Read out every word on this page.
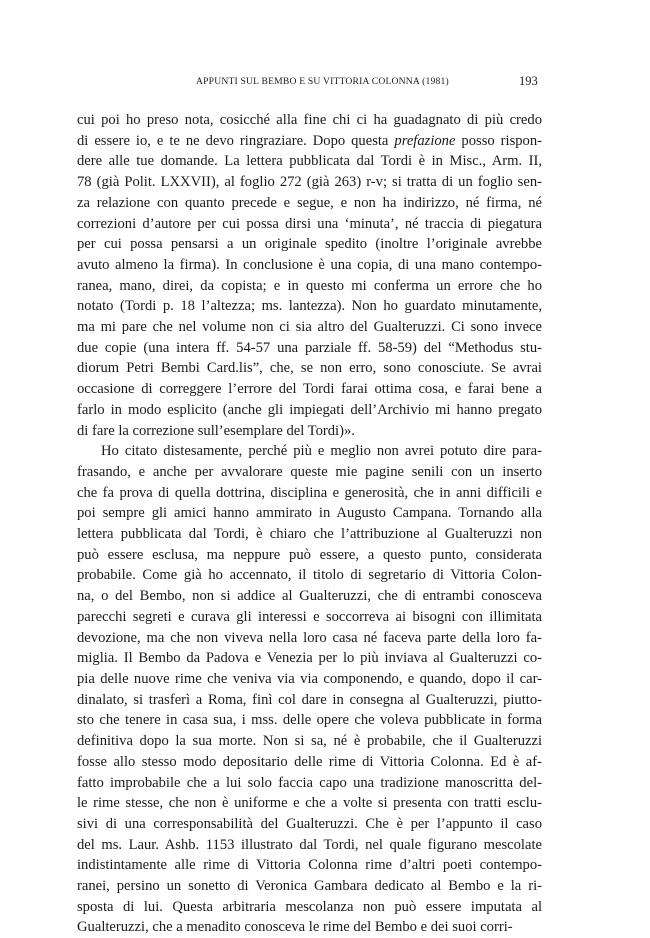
APPUNTI SUL BEMBO E SU VITTORIA COLONNA (1981)	193
cui poi ho preso nota, cosicché alla fine chi ci ha guadagnato di più credo
di essere io, e te ne devo ringraziare. Dopo questa prefazione posso rispon-
dere alle tue domande. La lettera pubblicata dal Tordi è in Misc., Arm. II,
78 (già Polit. LXXVII), al foglio 272 (già 263) r-v; si tratta di un foglio sen-
za relazione con quanto precede e segue, e non ha indirizzo, né firma, né
correzioni d’autore per cui possa dirsi una ‘minuta’, né traccia di piegatura
per cui possa pensarsi a un originale spedito (inoltre l’originale avrebbe
avuto almeno la firma). In conclusione è una copia, di una mano contempo-
ranea, mano, direi, da copista; e in questo mi conferma un errore che ho
notato (Tordi p. 18 l’altezza; ms. lantezza). Non ho guardato minutamente,
ma mi pare che nel volume non ci sia altro del Gualteruzzi. Ci sono invece
due copie (una intera ff. 54-57 una parziale ff. 58-59) del “Methodus stu-
diorum Petri Bembi Card.lis”, che, se non erro, sono conosciute. Se avrai
occasione di correggere l’errore del Tordi farai ottima cosa, e farai bene a
farlo in modo esplicito (anche gli impiegati dell’Archivio mi hanno pregato
di fare la correzione sull’esemplare del Tordi)».
Ho citato distesamente, perché più e meglio non avrei potuto dire para-
frasando, e anche per avvalorare queste mie pagine senili con un inserto
che fa prova di quella dottrina, disciplina e generosità, che in anni difficili e
poi sempre gli amici hanno ammirato in Augusto Campana. Tornando alla
lettera pubblicata dal Tordi, è chiaro che l’attribuzione al Gualteruzzi non
può essere esclusa, ma neppure può essere, a questo punto, considerata
probabile. Come già ho accennato, il titolo di segretario di Vittoria Colon-
na, o del Bembo, non si addice al Gualteruzzi, che di entrambi conosceva
parecchi segreti e curava gli interessi e soccorreva ai bisogni con illimitata
devozione, ma che non viveva nella loro casa né faceva parte della loro fa-
miglia. Il Bembo da Padova e Venezia per lo più inviava al Gualteruzzi co-
pia delle nuove rime che veniva via via componendo, e quando, dopo il car-
dinalato, si trasferì a Roma, finì col dare in consegna al Gualteruzzi, piutto-
sto che tenere in casa sua, i mss. delle opere che voleva pubblicate in forma
definitiva dopo la sua morte. Non si sa, né è probabile, che il Gualteruzzi
fosse allo stesso modo depositario delle rime di Vittoria Colonna. Ed è af-
fatto improbabile che a lui solo faccia capo una tradizione manoscritta del-
le rime stesse, che non è uniforme e che a volte si presenta con tratti esclu-
sivi di una corresponsabilità del Gualteruzzi. Che è per l’appunto il caso
del ms. Laur. Ashb. 1153 illustrato dal Tordi, nel quale figurano mescolate
indistintamente alle rime di Vittoria Colonna rime d’altri poeti contempo-
ranei, persino un sonetto di Veronica Gambara dedicato al Bembo e la ri-
sposta di lui. Questa arbitraria mescolanza non può essere imputata al
Gualteruzzi, che a menadito conosceva le rime del Bembo e dei suoi corri-
